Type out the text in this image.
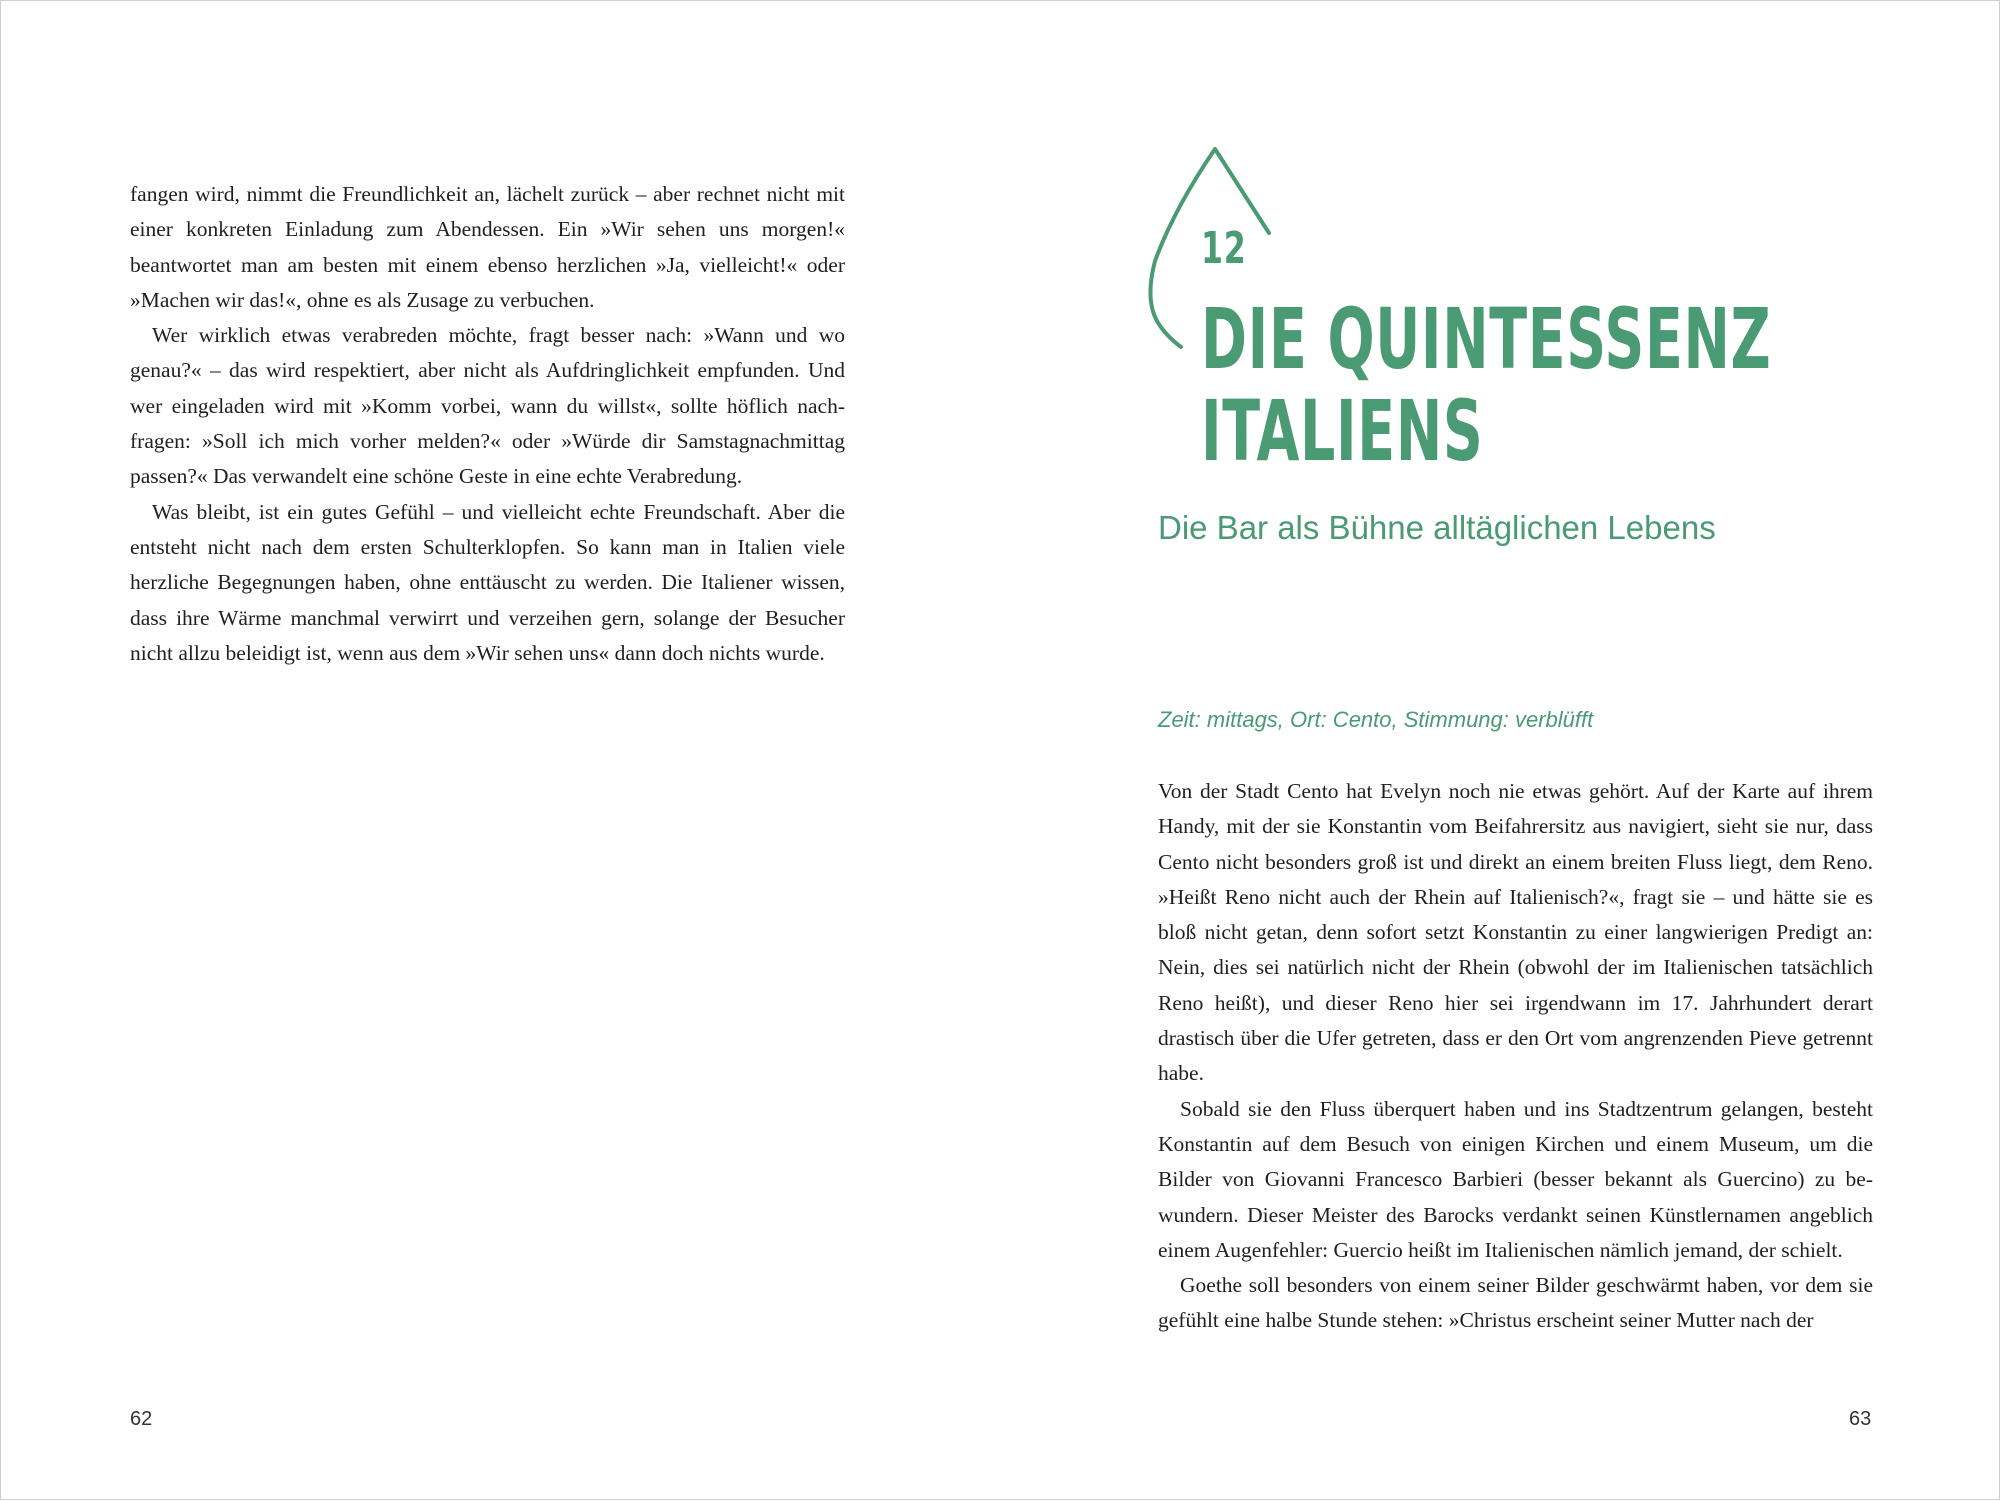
fangen wird, nimmt die Freundlichkeit an, lächelt zurück – aber rechnet nicht mit einer konkreten Einladung zum Abendessen. Ein »Wir sehen uns morgen!« beantwortet man am besten mit einem ebenso herzlichen »Ja, vielleicht!« oder »Machen wir das!«, ohne es als Zusage zu verbuchen.

Wer wirklich etwas verabreden möchte, fragt besser nach: »Wann und wo genau?« – das wird respektiert, aber nicht als Aufdringlichkeit empfunden. Und wer eingeladen wird mit »Komm vorbei, wann du willst«, sollte höflich nachfragen: »Soll ich mich vorher melden?« oder »Würde dir Samstagnachmittag passen?« Das verwandelt eine schöne Geste in eine echte Verabredung.

Was bleibt, ist ein gutes Gefühl – und vielleicht echte Freundschaft. Aber die entsteht nicht nach dem ersten Schulterklopfen. So kann man in Italien viele herzliche Begegnungen haben, ohne enttäuscht zu werden. Die Italiener wissen, dass ihre Wärme manchmal verwirrt und verzeihen gern, solange der Besucher nicht allzu beleidigt ist, wenn aus dem »Wir sehen uns« dann doch nichts wurde.

62
12
DIE QUINTESSENZ
ITALIENS
Die Bar als Bühne alltäglichen Lebens
Zeit: mittags, Ort: Cento, Stimmung: verblüfft

Von der Stadt Cento hat Evelyn noch nie etwas gehört. Auf der Karte auf ihrem Handy, mit der sie Konstantin vom Beifahrersitz aus navigiert, sieht sie nur, dass Cento nicht besonders groß ist und direkt an einem breiten Fluss liegt, dem Reno. »Heißt Reno nicht auch der Rhein auf Italienisch?«, fragt sie – und hätte sie es bloß nicht getan, denn sofort setzt Konstantin zu einer langwierigen Predigt an: Nein, dies sei natürlich nicht der Rhein (obwohl der im Italienischen tatsächlich Reno heißt), und dieser Reno hier sei irgendwann im 17. Jahrhundert derart drastisch über die Ufer getreten, dass er den Ort vom angrenzenden Pieve getrennt habe.

Sobald sie den Fluss überquert haben und ins Stadtzentrum gelangen, besteht Konstantin auf dem Besuch von einigen Kirchen und einem Museum, um die Bilder von Giovanni Francesco Barbieri (besser bekannt als Guercino) zu bewundern. Dieser Meister des Barocks verdankt seinen Künstlernamen angeblich einem Augenfehler: Guercio heißt im Italienischen nämlich jemand, der schielt.

Goethe soll besonders von einem seiner Bilder geschwärmt haben, vor dem sie gefühlt eine halbe Stunde stehen: »Christus erscheint seiner Mutter nach der

63
